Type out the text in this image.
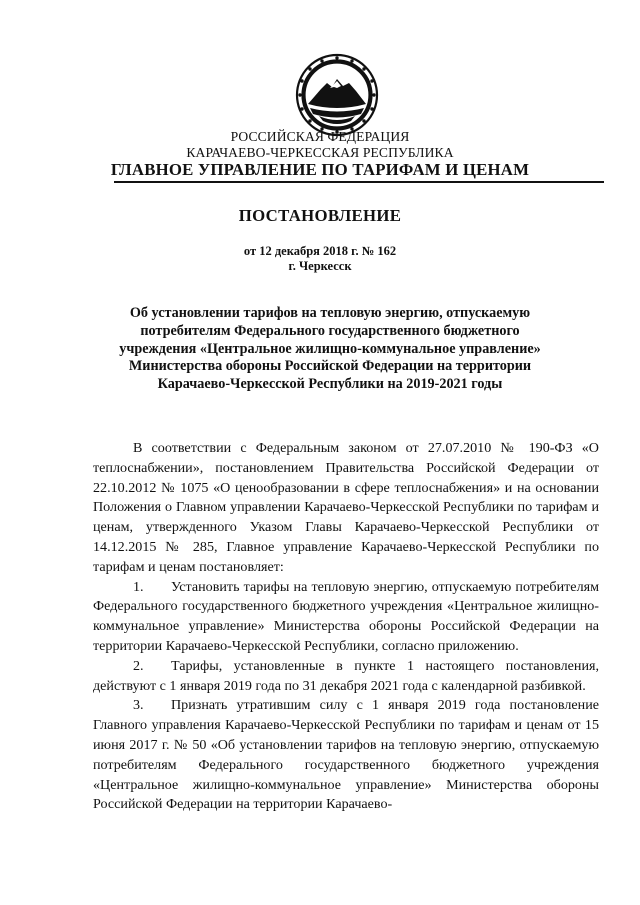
РОССИЙСКАЯ ФЕДЕРАЦИЯ
КАРАЧАЕВО-ЧЕРКЕССКАЯ РЕСПУБЛИКА
ГЛАВНОЕ УПРАВЛЕНИЕ ПО ТАРИФАМ И ЦЕНАМ
ПОСТАНОВЛЕНИЕ
от 12 декабря 2018 г. № 162
г. Черкесск
Об установлении тарифов на тепловую энергию, отпускаемую потребителям Федерального государственного бюджетного учреждения «Центральное жилищно-коммунальное управление» Министерства обороны Российской Федерации на территории Карачаево-Черкесской Республики на 2019-2021 годы

В соответствии с Федеральным законом от 27.07.2010 № 190-ФЗ «О теплоснабжении», постановлением Правительства Российской Федерации от 22.10.2012 № 1075 «О ценообразовании в сфере теплоснабжения» и на основании Положения о Главном управлении Карачаево-Черкесской Республики по тарифам и ценам, утвержденного Указом Главы Карачаево-Черкесской Республики от 14.12.2015 № 285, Главное управление Карачаево-Черкесской Республики по тарифам и ценам постановляет:

1. Установить тарифы на тепловую энергию, отпускаемую потребителям Федерального государственного бюджетного учреждения «Центральное жилищно-коммунальное управление» Министерства обороны Российской Федерации на территории Карачаево-Черкесской Республики, согласно приложению.

2. Тарифы, установленные в пункте 1 настоящего постановления, действуют с 1 января 2019 года по 31 декабря 2021 года с календарной разбивкой.

3. Признать утратившим силу с 1 января 2019 года постановление Главного управления Карачаево-Черкесской Республики по тарифам и ценам от 15 июня 2017 г. № 50 «Об установлении тарифов на тепловую энергию, отпускаемую потребителям Федерального государственного бюджетного учреждения «Центральное жилищно-коммунальное управление» Министерства обороны Российской Федерации на территории Карачаево-
